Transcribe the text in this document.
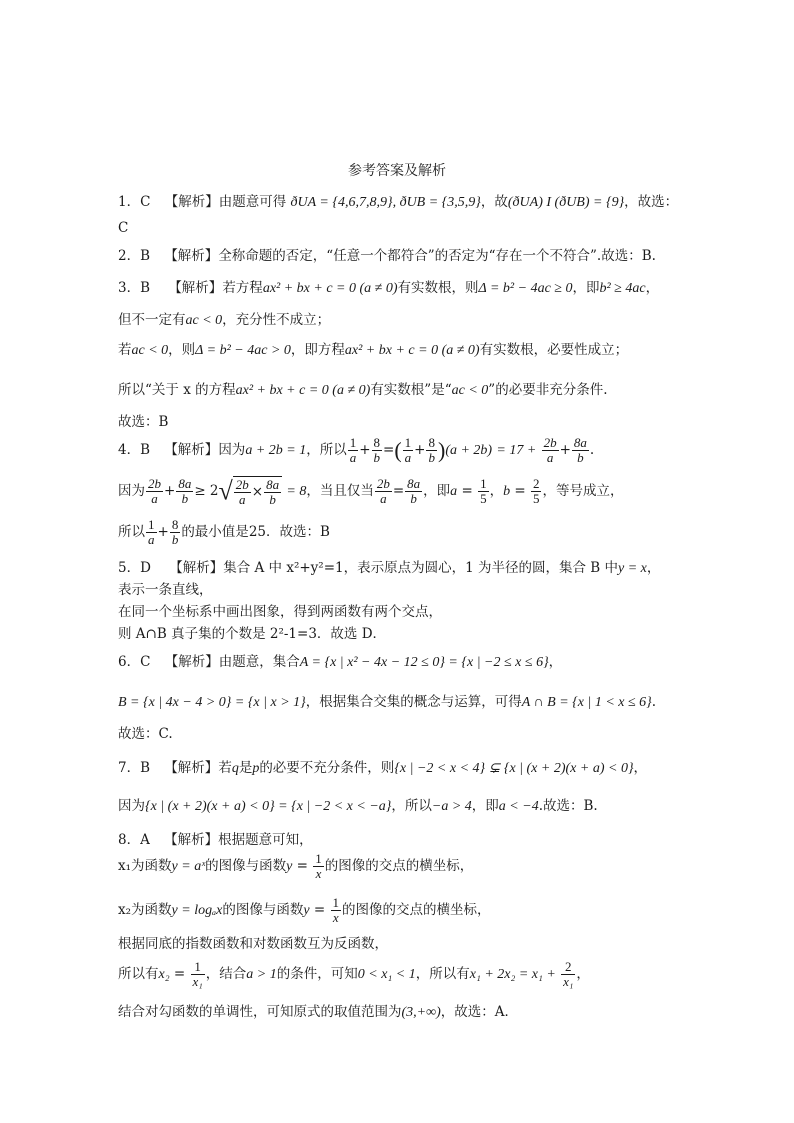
参考答案及解析
1．C 【解析】由题意可得 ðUA = {4,6,7,8,9}, ðUB = {3,5,9}，故(ðUA) I (ðUB) = {9}，故选：
C
2．B 【解析】全称命题的否定，“任意一个都符合”的否定为“存在一个不符合”.故选：B.
3．B 【解析】若方程ax² + bx + c = 0 (a ≠ 0)有实数根，则Δ = b² − 4ac ≥ 0，即b² ≥ 4ac，
但不一定有ac < 0，充分性不成立；
若ac < 0，则Δ = b² − 4ac > 0，即方程ax² + bx + c = 0 (a ≠ 0)有实数根，必要性成立；
所以“关于 x 的方程ax² + bx + c = 0 (a ≠ 0)有实数根”是“ac < 0”的必要非充分条件.
故选：B
4．B 【解析】因为a + 2b = 1，所以 $\frac{1}{a} + \frac{8}{b}$ =( $\frac{1}{a} + \frac{8}{b} )(a + 2b) = 17 + \frac{2b}{a} + \frac{8a}{b}$ .
因为 $\frac{2b}{a} + \frac{8a}{b} \ge 2√ \frac{2b}{a} \times \frac{8a}{b} = 8$，当且仅当 $\frac{2b}{a} = \frac{8a}{b}$ ，即$a = \frac{1}{5}$ ，$b = \frac{2}{5}$ ，等号成立，
所以 $\frac{1}{a} + \frac{8}{b}$ 的最小值是25．故选：B
5．D 【解析】集合 A 中 x²+y²=1，表示原点为圆心，1 为半径的圆，集合 B 中y = x，
表示一条直线，
在同一个坐标系中画出图象，得到两函数有两个交点，
则 A∩B 真子集的个数是 2²-1=3．故选 D．
6．C 【解析】由题意，集合A = {x | x² − 4x − 12 ≤ 0} = {x | −2 ≤ x ≤ 6}，
B = {x | 4x − 4 > 0} = {x | x > 1}，根据集合交集的概念与运算，可得A ∩ B = {x | 1 < x ≤ 6}.
故选：C.
7．B 【解析】若q是p的必要不充分条件，则{x | −2 < x < 4} ⊊ {x | (x + 2)(x + a) < 0}，
因为{x | (x + 2)(x + a) < 0} = {x | −2 < x < −a}，所以−a > 4，即a < −4.故选：B.
8．A 【解析】根据题意可知，
x₁为函数y = aˣ的图像与函数$y = \frac{1}{x}$ 的图像的交点的横坐标，
x₂为函数y = logₐx的图像与函数$y = \frac{1}{x}$ 的图像的交点的横坐标，
根据同底的指数函数和对数函数互为反函数，
所以有$x_2 = \frac{1}{\text{x₁}}$ ，结合a > 1的条件，可知0 < x₁ < 1，所以有$x_1 + 2x_2 = x_1 + \frac{2}{\text{x₁}}$ ，
结合对勾函数的单调性，可知原式的取值范围为(3,+∞)，故选：A．
